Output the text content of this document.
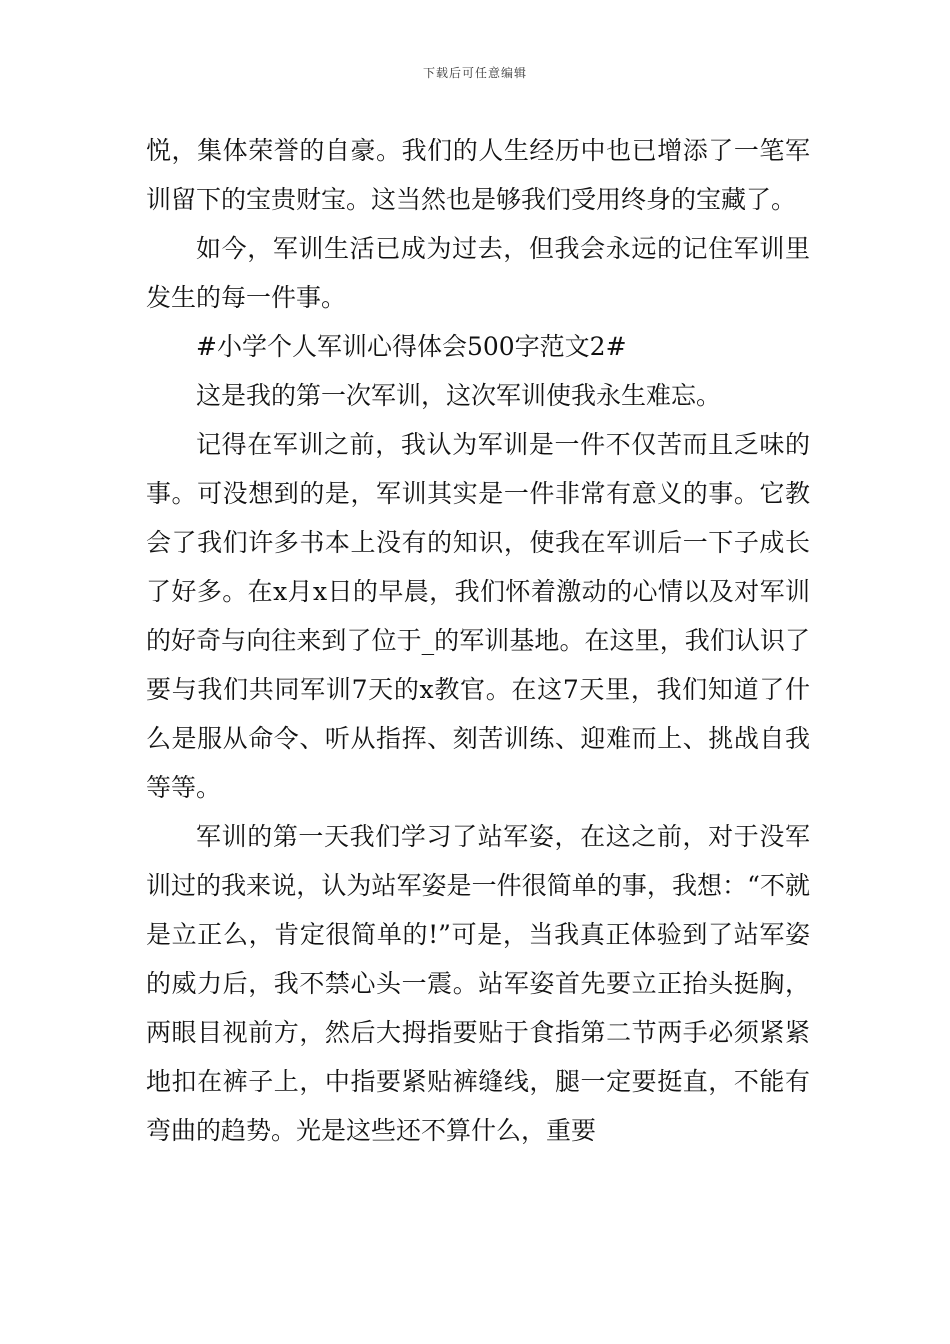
下载后可任意编辑

悦，集体荣誉的自豪。我们的人生经历中也已增添了一笔军训留下的宝贵财宝。这当然也是够我们受用终身的宝藏了。

如今，军训生活已成为过去，但我会永远的记住军训里发生的每一件事。

#小学个人军训心得体会500字范文2#

这是我的第一次军训，这次军训使我永生难忘。

记得在军训之前，我认为军训是一件不仅苦而且乏味的事。可没想到的是，军训其实是一件非常有意义的事。它教会了我们许多书本上没有的知识，使我在军训后一下子成长了好多。在x月x日的早晨，我们怀着激动的心情以及对军训的好奇与向往来到了位于_的军训基地。在这里，我们认识了要与我们共同军训7天的x教官。在这7天里，我们知道了什么是服从命令、听从指挥、刻苦训练、迎难而上、挑战自我等等。

军训的第一天我们学习了站军姿，在这之前，对于没军训过的我来说，认为站军姿是一件很简单的事，我想：“不就是立正么，肯定很简单的!”可是，当我真正体验到了站军姿的威力后，我不禁心头一震。站军姿首先要立正抬头挺胸，两眼目视前方，然后大拇指要贴于食指第二节两手必须紧紧地扣在裤子上，中指要紧贴裤缝线，腿一定要挺直，不能有弯曲的趋势。光是这些还不算什么，重要
